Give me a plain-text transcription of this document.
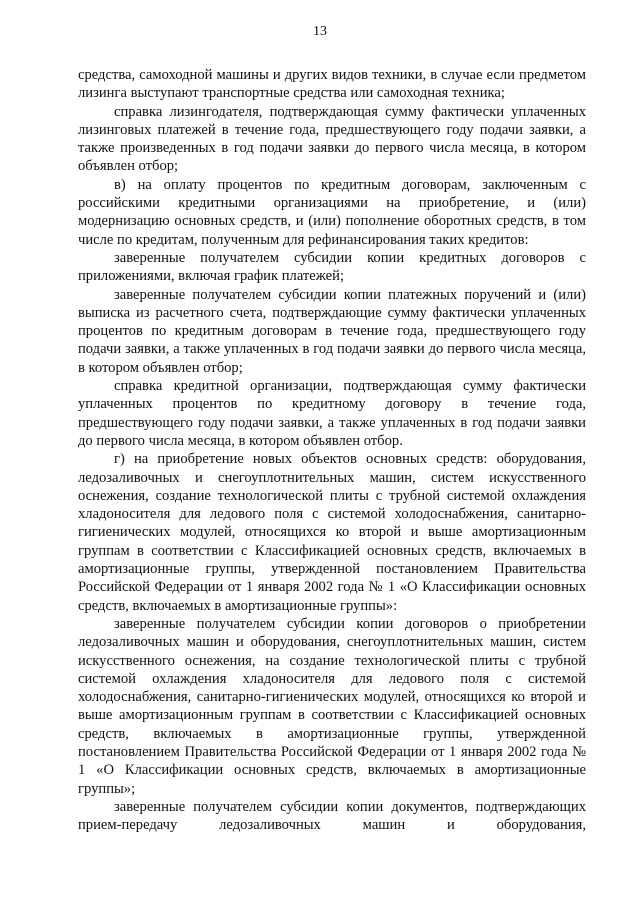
13

средства, самоходной машины и других видов техники, в случае если предметом лизинга выступают транспортные средства или самоходная техника;

справка лизингодателя, подтверждающая сумму фактически уплаченных лизинговых платежей в течение года, предшествующего году подачи заявки, а также произведенных в год подачи заявки до первого числа месяца, в котором объявлен отбор;

в) на оплату процентов по кредитным договорам, заключенным с российскими кредитными организациями на приобретение, и (или) модернизацию основных средств, и (или) пополнение оборотных средств, в том числе по кредитам, полученным для рефинансирования таких кредитов:

заверенные получателем субсидии копии кредитных договоров с приложениями, включая график платежей;

заверенные получателем субсидии копии платежных поручений и (или) выписка из расчетного счета, подтверждающие сумму фактически уплаченных процентов по кредитным договорам в течение года, предшествующего году подачи заявки, а также уплаченных в год подачи заявки до первого числа месяца, в котором объявлен отбор;

справка кредитной организации, подтверждающая сумму фактически уплаченных процентов по кредитному договору в течение года, предшествующего году подачи заявки, а также уплаченных в год подачи заявки до первого числа месяца, в котором объявлен отбор.

г) на приобретение новых объектов основных средств: оборудования, ледозаливочных и снегоуплотнительных машин, систем искусственного оснежения, создание технологической плиты с трубной системой охлаждения хладоносителя для ледового поля с системой холодоснабжения, санитарно-гигиенических модулей, относящихся ко второй и выше амортизационным группам в соответствии с Классификацией основных средств, включаемых в амортизационные группы, утвержденной постановлением Правительства Российской Федерации от 1 января 2002 года № 1 «О Классификации основных средств, включаемых в амортизационные группы»:

заверенные получателем субсидии копии договоров о приобретении ледозаливочных машин и оборудования, снегоуплотнительных машин, систем искусственного оснежения, на создание технологической плиты с трубной системой охлаждения хладоносителя для ледового поля с системой холодоснабжения, санитарно-гигиенических модулей, относящихся ко второй и выше амортизационным группам в соответствии с Классификацией основных средств, включаемых в амортизационные группы, утвержденной постановлением Правительства Российской Федерации от 1 января 2002 года № 1 «О Классификации основных средств, включаемых в амортизационные группы»;

заверенные получателем субсидии копии документов, подтверждающих прием-передачу ледозаливочных машин и оборудования,
